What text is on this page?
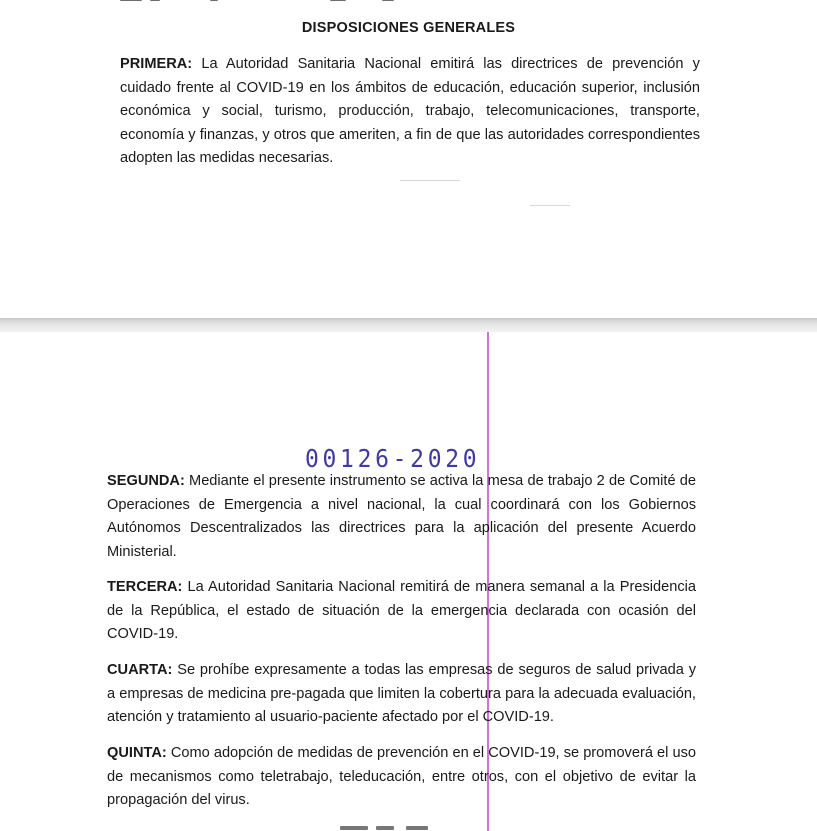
DISPOSICIONES GENERALES
PRIMERA: La Autoridad Sanitaria Nacional emitirá las directrices de prevención y cuidado frente al COVID-19 en los ámbitos de educación, educación superior, inclusión económica y social, turismo, producción, trabajo, telecomunicaciones, transporte, economía y finanzas, y otros que ameriten, a fin de que las autoridades correspondientes adopten las medidas necesarias.
00126-2020
SEGUNDA: Mediante el presente instrumento se activa la mesa de trabajo 2 de Comité de Operaciones de Emergencia a nivel nacional, la cual coordinará con los Gobiernos Autónomos Descentralizados las directrices para la aplicación del presente Acuerdo Ministerial.
TERCERA: La Autoridad Sanitaria Nacional remitirá de manera semanal a la Presidencia de la República, el estado de situación de la emergencia declarada con ocasión del COVID-19.
CUARTA: Se prohíbe expresamente a todas las empresas de seguros de salud privada y a empresas de medicina pre-pagada que limiten la cobertura para la adecuada evaluación, atención y tratamiento al usuario-paciente afectado por el COVID-19.
QUINTA: Como adopción de medidas de prevención en el COVID-19, se promoverá el uso de mecanismos como teletrabajo, teleducación, entre otros, con el objetivo de evitar la propagación del virus.
